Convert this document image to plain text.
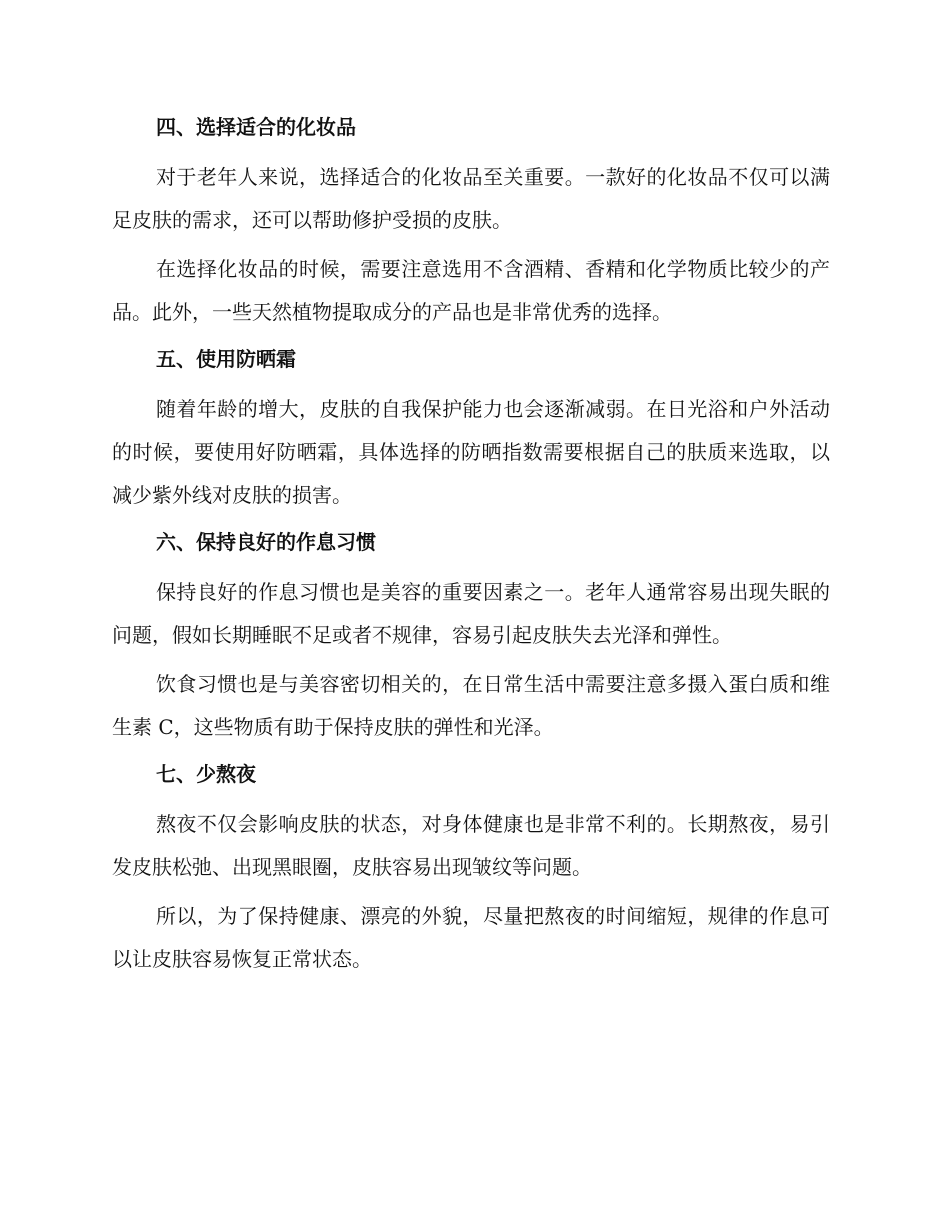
四、选择适合的化妆品

对于老年人来说，选择适合的化妆品至关重要。一款好的化妆品不仅可以满足皮肤的需求，还可以帮助修护受损的皮肤。

在选择化妆品的时候，需要注意选用不含酒精、香精和化学物质比较少的产品。此外，一些天然植物提取成分的产品也是非常优秀的选择。

五、使用防晒霜

随着年龄的增大，皮肤的自我保护能力也会逐渐减弱。在日光浴和户外活动的时候，要使用好防晒霜，具体选择的防晒指数需要根据自己的肤质来选取，以减少紫外线对皮肤的损害。

六、保持良好的作息习惯

保持良好的作息习惯也是美容的重要因素之一。老年人通常容易出现失眠的问题，假如长期睡眠不足或者不规律，容易引起皮肤失去光泽和弹性。

饮食习惯也是与美容密切相关的，在日常生活中需要注意多摄入蛋白质和维生素 C，这些物质有助于保持皮肤的弹性和光泽。

七、少熬夜

熬夜不仅会影响皮肤的状态，对身体健康也是非常不利的。长期熬夜，易引发皮肤松弛、出现黑眼圈，皮肤容易出现皱纹等问题。

所以，为了保持健康、漂亮的外貌，尽量把熬夜的时间缩短，规律的作息可以让皮肤容易恢复正常状态。
